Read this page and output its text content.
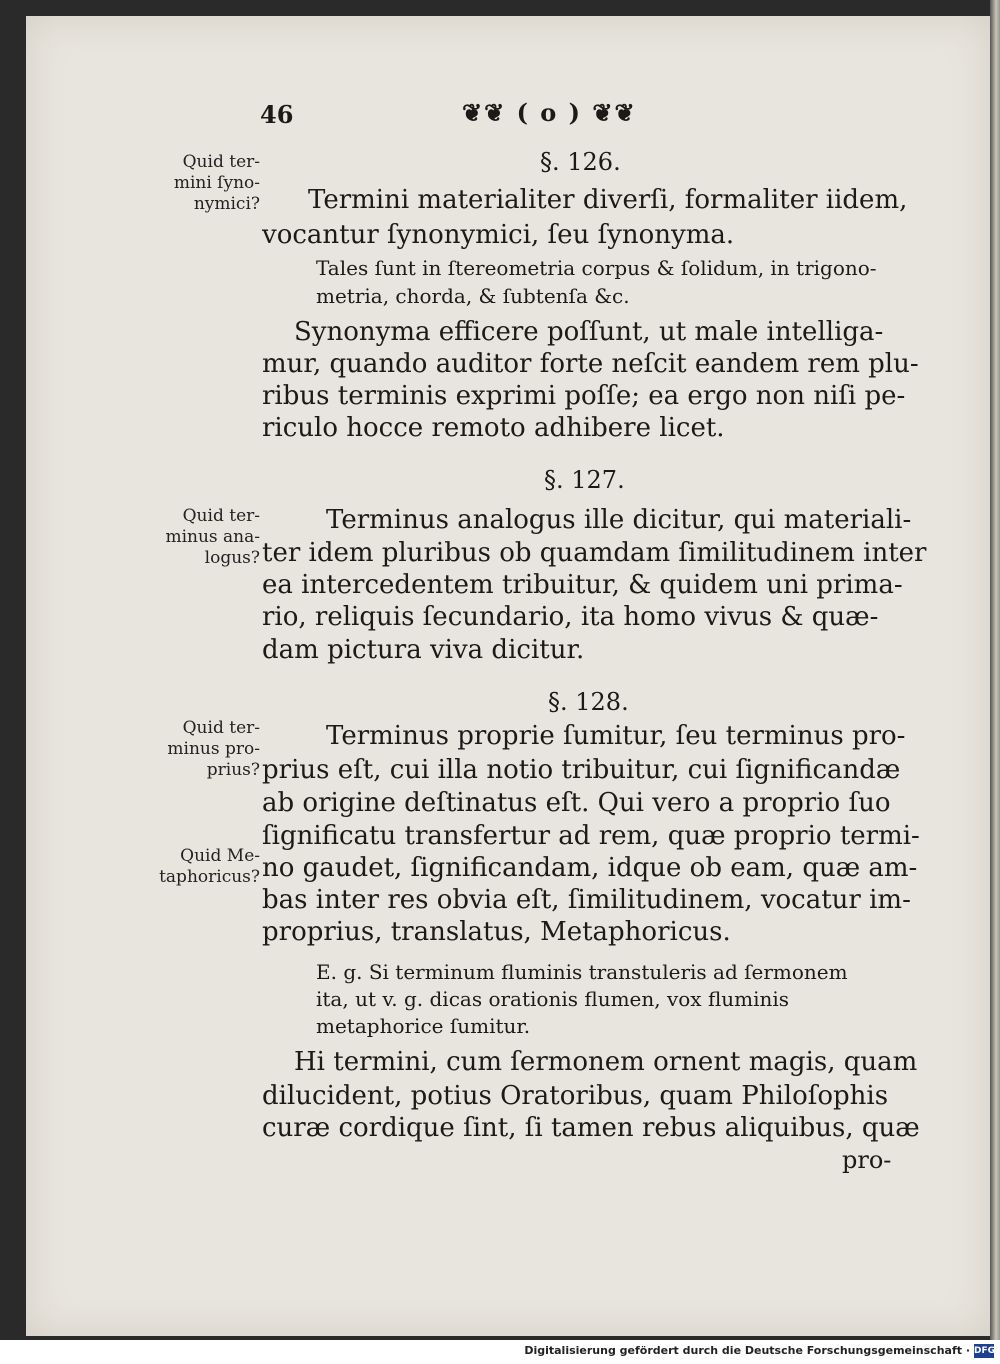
46	❦❦ ( o ) ❦❦
§. 126.
Quid ter-
mini ſyno-
nymici? Termini materialiter diverſi, formaliter iidem,
vocantur ſynonymici, ſeu ſynonyma.
Tales ſunt in ſtereometria corpus & ſolidum, in trigono-
metria, chorda, & ſubtenſa &c.
Synonyma efficere poſſunt, ut male intelliga-
mur, quando auditor forte neſcit eandem rem plu-
ribus terminis exprimi poſſe; ea ergo non niſi pe-
riculo hocce remoto adhibere licet.
§. 127.
Quid ter-
minus ana-
logus?
Terminus analogus ille dicitur, qui materiali-
ter idem pluribus ob quamdam ſimilitudinem inter
ea intercedentem tribuitur, & quidem uni prima-
rio, reliquis ſecundario, ita homo vivus & quæ-
dam pictura viva dicitur.
§. 128.
Quid ter-
minus pro-
prius?
Quid Me-
taphoricus?
Terminus proprie ſumitur, ſeu terminus pro-
prius eſt, cui illa notio tribuitur, cui ſignificandæ
ab origine deſtinatus eſt. Qui vero a proprio ſuo
ſignificatu transfertur ad rem, quæ proprio termi-
no gaudet, ſignificandam, idque ob eam, quæ am-
bas inter res obvia eſt, ſimilitudinem, vocatur im-
proprius, translatus, Metaphoricus.
E. g. Si terminum fluminis transtuleris ad ſermonem
ita, ut v. g. dicas orationis flumen, vox fluminis
metaphorice ſumitur.
Hi termini, cum ſermonem ornent magis, quam
dilucident, potius Oratoribus, quam Philoſophis
curæ cordique ſint, ſi tamen rebus aliquibus, quæ
pro-
Digitalisierung gefördert durch die Deutsche Forschungsgemeinschaft · DFG
